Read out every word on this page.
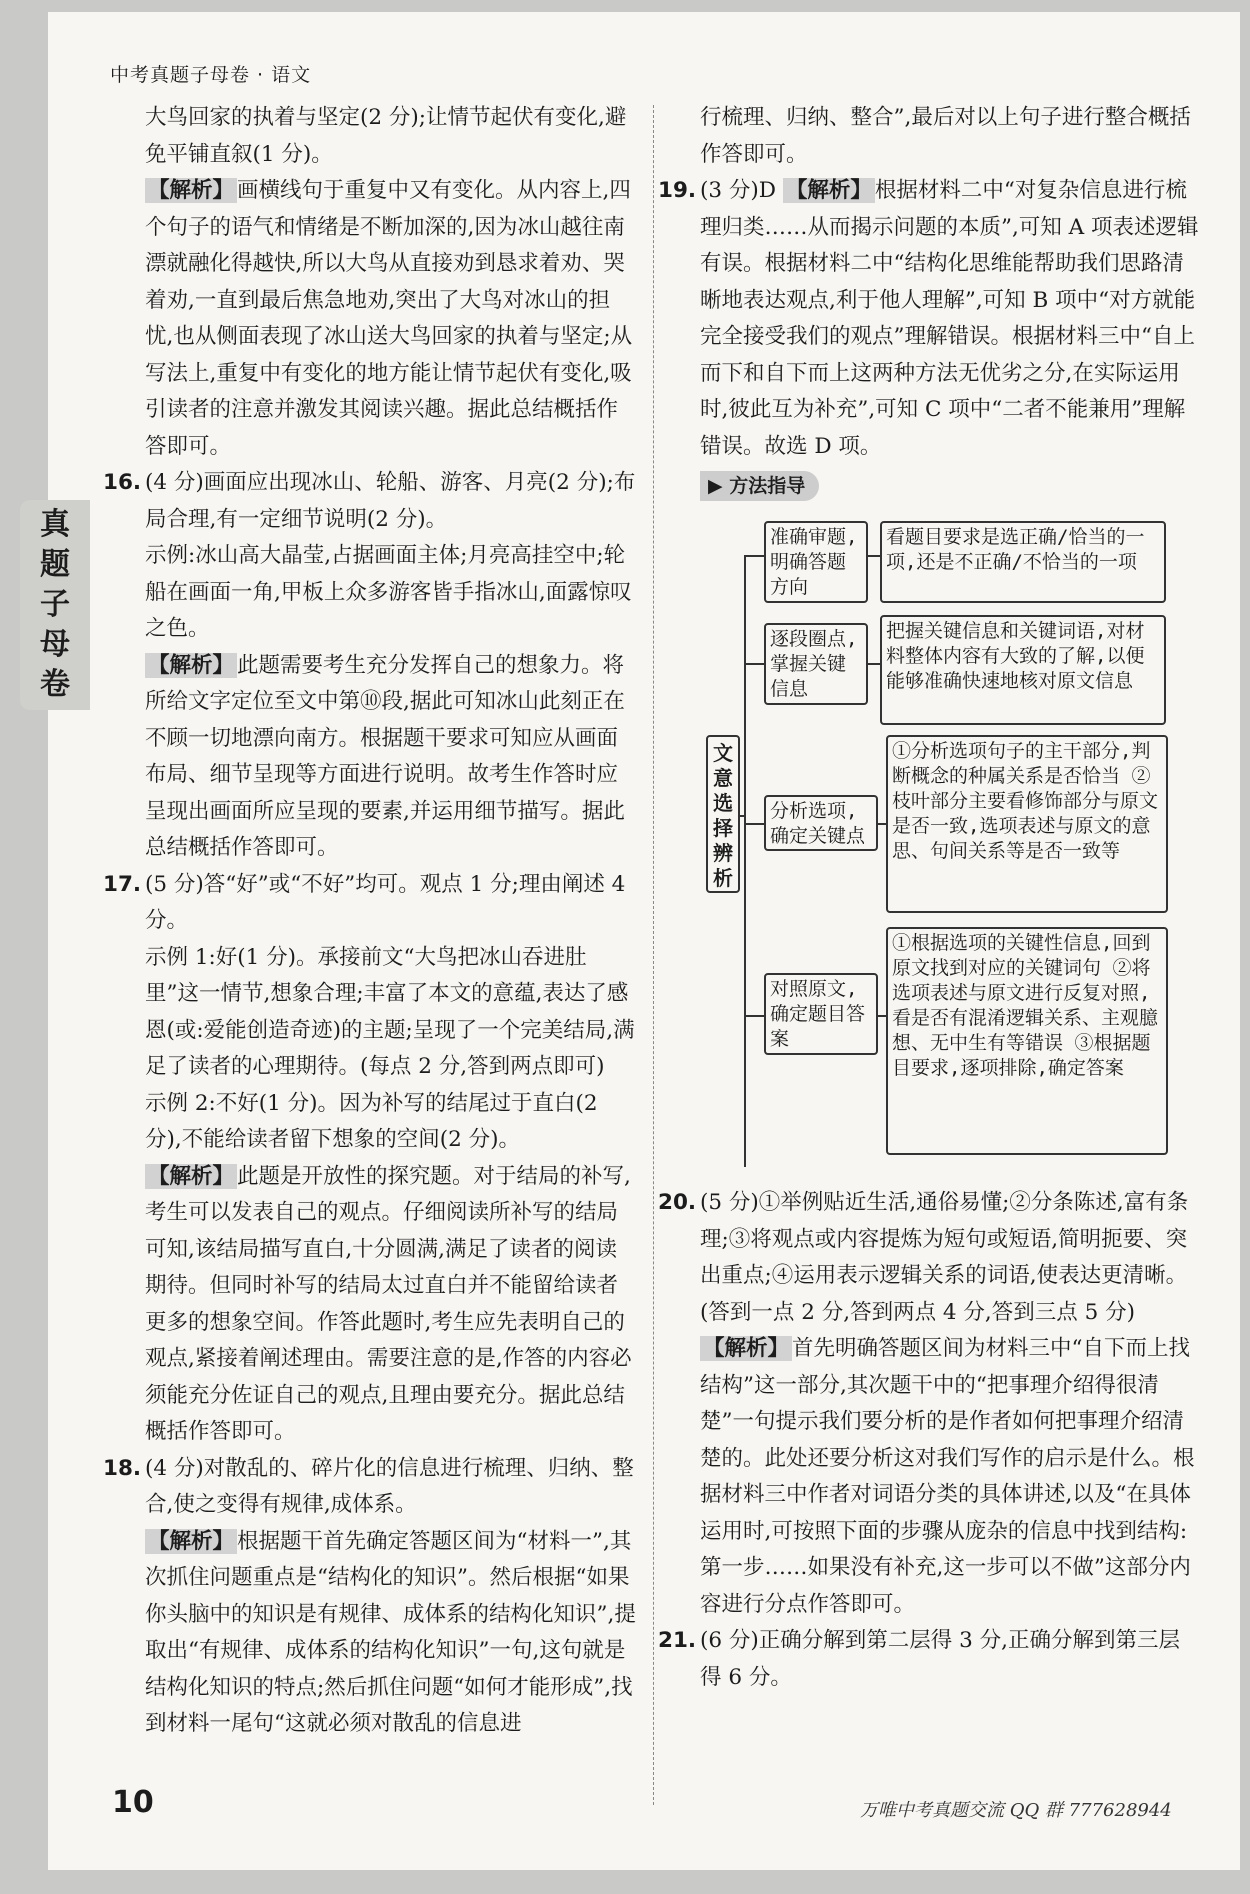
中考真题子母卷 · 语文
真
题
子
母
卷

大鸟回家的执着与坚定(2 分);让情节起伏有变化,避免平铺直叙(1 分)。

【解析】 画横线句于重复中又有变化。从内容上,四个句子的语气和情绪是不断加深的,因为冰山越往南漂就融化得越快,所以大鸟从直接劝到恳求着劝、哭着劝,一直到最后焦急地劝,突出了大鸟对冰山的担忧,也从侧面表现了冰山送大鸟回家的执着与坚定;从写法上,重复中有变化的地方能让情节起伏有变化,吸引读者的注意并激发其阅读兴趣。据此总结概括作答即可。

16. (4 分)画面应出现冰山、轮船、游客、月亮(2 分);布局合理,有一定细节说明(2 分)。

示例:冰山高大晶莹,占据画面主体;月亮高挂空中;轮船在画面一角,甲板上众多游客皆手指冰山,面露惊叹之色。

【解析】 此题需要考生充分发挥自己的想象力。将所给文字定位至文中第⑩段,据此可知冰山此刻正在不顾一切地漂向南方。根据题干要求可知应从画面布局、细节呈现等方面进行说明。故考生作答时应呈现出画面所应呈现的要素,并运用细节描写。据此总结概括作答即可。

17. (5 分)答“好”或“不好”均可。观点 1 分;理由阐述 4 分。

示例 1:好(1 分)。承接前文“大鸟把冰山吞进肚里”这一情节,想象合理;丰富了本文的意蕴,表达了感恩(或:爱能创造奇迹)的主题;呈现了一个完美结局,满足了读者的心理期待。(每点 2 分,答到两点即可)

示例 2:不好(1 分)。因为补写的结尾过于直白(2 分),不能给读者留下想象的空间(2 分)。

【解析】 此题是开放性的探究题。对于结局的补写,考生可以发表自己的观点。仔细阅读所补写的结局可知,该结局描写直白,十分圆满,满足了读者的阅读期待。但同时补写的结局太过直白并不能留给读者更多的想象空间。作答此题时,考生应先表明自己的观点,紧接着阐述理由。需要注意的是,作答的内容必须能充分佐证自己的观点,且理由要充分。据此总结概括作答即可。

18. (4 分)对散乱的、碎片化的信息进行梳理、归纳、整合,使之变得有规律,成体系。

【解析】 根据题干首先确定答题区间为“材料一”,其次抓住问题重点是“结构化的知识”。然后根据“如果你头脑中的知识是有规律、成体系的结构化知识”,提取出“有规律、成体系的结构化知识”一句,这句就是结构化知识的特点;然后抓住问题“如何才能形成”,找到材料一尾句“这就必须对散乱的信息进

行梳理、归纳、整合”,最后对以上句子进行整合概括作答即可。

19. (3 分)D 【解析】 根据材料二中“对复杂信息进行梳理归类……从而揭示问题的本质”,可知 A 项表述逻辑有误。根据材料二中“结构化思维能帮助我们思路清晰地表达观点,利于他人理解”,可知 B 项中“对方就能完全接受我们的观点”理解错误。根据材料三中“自上而下和自下而上这两种方法无优劣之分,在实际运用时,彼此互为补充”,可知 C 项中“二者不能兼用”理解错误。故选 D 项。

▶ 方法指导
文意选择辨析
准确审题,明确答题方向
看题目要求是选正确/恰当的一项,还是不正确/不恰当的一项
逐段圈点,掌握关键信息
把握关键信息和关键词语,对材料整体内容有大致的了解,以便能够准确快速地核对原文信息
分析选项,确定关键点
①分析选项句子的主干部分,判断概念的种属关系是否恰当 ②枝叶部分主要看修饰部分与原文是否一致,选项表述与原文的意思、句间关系等是否一致等
对照原文,确定题目答案
①根据选项的关键性信息,回到原文找到对应的关键词句 ②将选项表述与原文进行反复对照,看是否有混淆逻辑关系、主观臆想、无中生有等错误 ③根据题目要求,逐项排除,确定答案

20. (5 分)①举例贴近生活,通俗易懂;②分条陈述,富有条理;③将观点或内容提炼为短句或短语,简明扼要、突出重点;④运用表示逻辑关系的词语,使表达更清晰。(答到一点 2 分,答到两点 4 分,答到三点 5 分)

【解析】 首先明确答题区间为材料三中“自下而上找结构”这一部分,其次题干中的“把事理介绍得很清楚”一句提示我们要分析的是作者如何把事理介绍清楚的。此处还要分析这对我们写作的启示是什么。根据材料三中作者对词语分类的具体讲述,以及“在具体运用时,可按照下面的步骤从庞杂的信息中找到结构:第一步……如果没有补充,这一步可以不做”这部分内容进行分点作答即可。

21. (6 分)正确分解到第二层得 3 分,正确分解到第三层得 6 分。

10	万唯中考真题交流 QQ 群 777628944
